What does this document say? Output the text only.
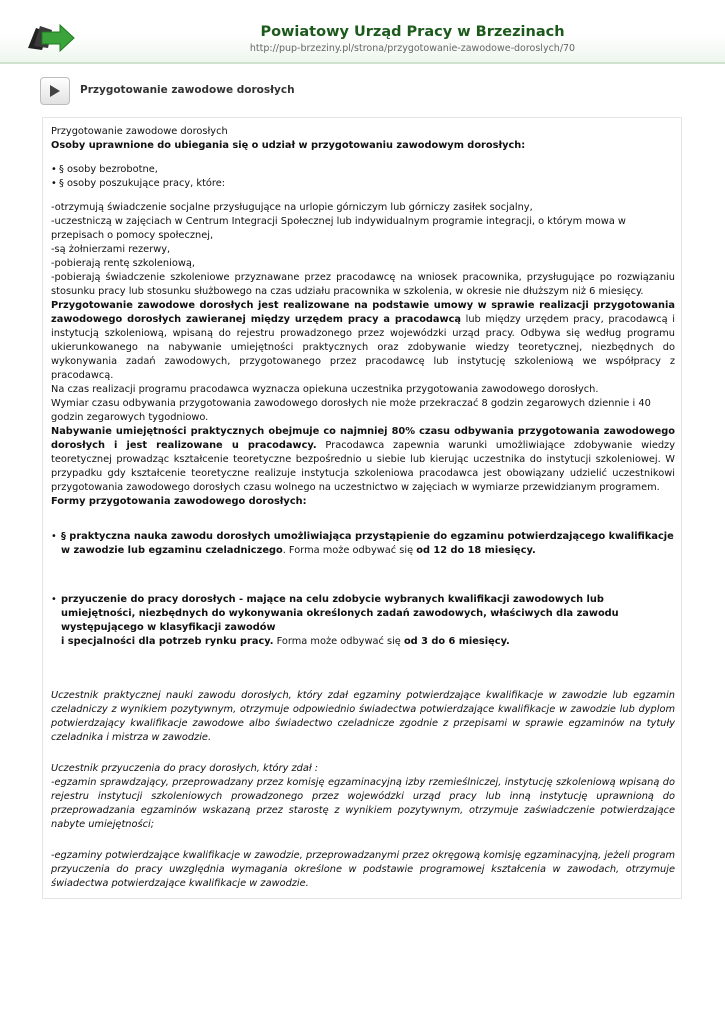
Powiatowy Urząd Pracy w Brzezinach
http://pup-brzeziny.pl/strona/przygotowanie-zawodowe-doroslych/70
Przygotowanie zawodowe dorosłych

Przygotowanie zawodowe dorosłych

Osoby uprawnione do ubiegania się o udział w przygotowaniu zawodowym dorosłych:

• § osoby bezrobotne,
• § osoby poszukujące pracy, które:

-otrzymują świadczenie socjalne przysługujące na urlopie górniczym lub górniczy zasiłek socjalny,

-uczestniczą w zajęciach w Centrum Integracji Społecznej lub indywidualnym programie integracji, o którym mowa w przepisach o pomocy społecznej,

-są żołnierzami rezerwy,

-pobierają rentę szkoleniową,

-pobierają świadczenie szkoleniowe przyznawane przez pracodawcę na wniosek pracownika, przysługujące po rozwiązaniu stosunku pracy lub stosunku służbowego na czas udziału pracownika w szkolenia, w okresie nie dłuższym niż 6 miesięcy.

Przygotowanie zawodowe dorosłych jest realizowane na podstawie umowy w sprawie realizacji przygotowania zawodowego dorosłych zawieranej między urzędem pracy a pracodawcą lub między urzędem pracy, pracodawcą i instytucją szkoleniową, wpisaną do rejestru prowadzonego przez wojewódzki urząd pracy. Odbywa się według programu ukierunkowanego na nabywanie umiejętności praktycznych oraz zdobywanie wiedzy teoretycznej, niezbędnych do wykonywania zadań zawodowych, przygotowanego przez pracodawcę lub instytucję szkoleniową we współpracy z pracodawcą.

Na czas realizacji programu pracodawca wyznacza opiekuna uczestnika przygotowania zawodowego dorosłych.

Wymiar czasu odbywania przygotowania zawodowego dorosłych nie może przekraczać 8 godzin zegarowych dziennie i 40 godzin zegarowych tygodniowo.

Nabywanie umiejętności praktycznych obejmuje co najmniej 80% czasu odbywania przygotowania zawodowego dorosłych i jest realizowane u pracodawcy. Pracodawca zapewnia warunki umożliwiające zdobywanie wiedzy teoretycznej prowadząc kształcenie teoretyczne bezpośrednio u siebie lub kierując uczestnika do instytucji szkoleniowej. W przypadku gdy kształcenie teoretyczne realizuje instytucja szkoleniowa pracodawca jest obowiązany udzielić uczestnikowi przygotowania zawodowego dorosłych czasu wolnego na uczestnictwo w zajęciach w wymiarze przewidzianym programem.

Formy przygotowania zawodowego dorosłych:

• § praktyczna nauka zawodu dorosłych umożliwiająca przystąpienie do egzaminu potwierdzającego kwalifikacje w zawodzie lub egzaminu czeladniczego. Forma może odbywać się od 12 do 18 miesięcy.
• przyuczenie do pracy dorosłych - mające na celu zdobycie wybranych kwalifikacji zawodowych lub umiejętności, niezbędnych do wykonywania określonych zadań zawodowych, właściwych dla zawodu występującego w klasyfikacji zawodów
i specjalności dla potrzeb rynku pracy. Forma może odbywać się od 3 do 6 miesięcy.
Uczestnik praktycznej nauki zawodu dorosłych, który zdał egzaminy potwierdzające kwalifikacje w zawodzie lub egzamin czeladniczy z wynikiem pozytywnym, otrzymuje odpowiednio świadectwa potwierdzające kwalifikacje w zawodzie lub dyplom potwierdzający kwalifikacje zawodowe albo świadectwo czeladnicze zgodnie z przepisami w sprawie egzaminów na tytuły czeladnika i mistrza w zawodzie.

Uczestnik przyuczenia do pracy dorosłych, który zdał :

-egzamin sprawdzający, przeprowadzany przez komisję egzaminacyjną izby rzemieślniczej, instytucję szkoleniową wpisaną do rejestru instytucji szkoleniowych prowadzonego przez wojewódzki urząd pracy lub inną instytucję uprawnioną do przeprowadzania egzaminów wskazaną przez starostę z wynikiem pozytywnym, otrzymuje zaświadczenie potwierdzające nabyte umiejętności;

-egzaminy potwierdzające kwalifikacje w zawodzie, przeprowadzanymi przez okręgową komisję egzaminacyjną, jeżeli program przyuczenia do pracy uwzględnia wymagania określone w podstawie programowej kształcenia w zawodach, otrzymuje świadectwa potwierdzające kwalifikacje w zawodzie.
